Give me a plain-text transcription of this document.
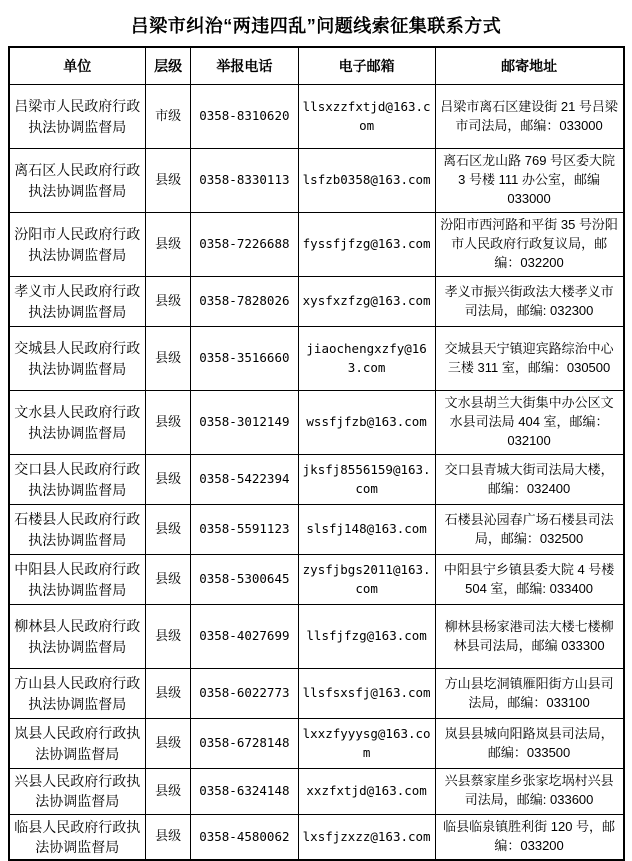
吕梁市纠治“两违四乱”问题线索征集联系方式
单位	层级	举报电话	电子邮箱	邮寄地址
吕梁市人民政府行政执法协调监督局	市级	0358-8310620	llsxzzfxtjd@163.com	吕梁市离石区建设街 21 号吕梁市司法局，邮编：033000
离石区人民政府行政执法协调监督局	县级	0358-8330113	lsfzb0358@163.com	离石区龙山路 769 号区委大院 3 号楼 111 办公室，邮编 033000
汾阳市人民政府行政执法协调监督局	县级	0358-7226688	fyssfjfzg@163.com	汾阳市西河路和平街 35 号汾阳市人民政府行政复议局，邮编：032200
孝义市人民政府行政执法协调监督局	县级	0358-7828026	xysfxzfzg@163.com	孝义市振兴街政法大楼孝义市司法局，邮编: 032300
交城县人民政府行政执法协调监督局	县级	0358-3516660	jiaochengxzfy@163.com	交城县天宁镇迎宾路综治中心三楼 311 室，邮编：030500
文水县人民政府行政执法协调监督局	县级	0358-3012149	wssfjfzb@163.com	文水县胡兰大街集中办公区文水县司法局 404 室，邮编：032100
交口县人民政府行政执法协调监督局	县级	0358-5422394	jksfj8556159@163.com	交口县青城大街司法局大楼，邮编：032400
石楼县人民政府行政执法协调监督局	县级	0358-5591123	slsfj148@163.com	石楼县沁园春广场石楼县司法局，邮编：032500
中阳县人民政府行政执法协调监督局	县级	0358-5300645	zysfjbgs2011@163.com	中阳县宁乡镇县委大院 4 号楼 504 室，邮编: 033400
柳林县人民政府行政执法协调监督局	县级	0358-4027699	llsfjfzg@163.com	柳林县杨家港司法大楼七楼柳林县司法局，邮编 033300
方山县人民政府行政执法协调监督局	县级	0358-6022773	llsfsxsfj@163.com	方山县圪洞镇雁阳街方山县司法局，邮编：033100
岚县人民政府行政执法协调监督局	县级	0358-6728148	lxxzfyyysg@163.com	岚县县城向阳路岚县司法局，邮编：033500
兴县人民政府行政执法协调监督局	县级	0358-6324148	xxzfxtjd@163.com	兴县蔡家崖乡张家圪埚村兴县司法局，邮编: 033600
临县人民政府行政执法协调监督局	县级	0358-4580062	lxsfjzxzz@163.com	临县临泉镇胜利街 120 号，邮编：033200
